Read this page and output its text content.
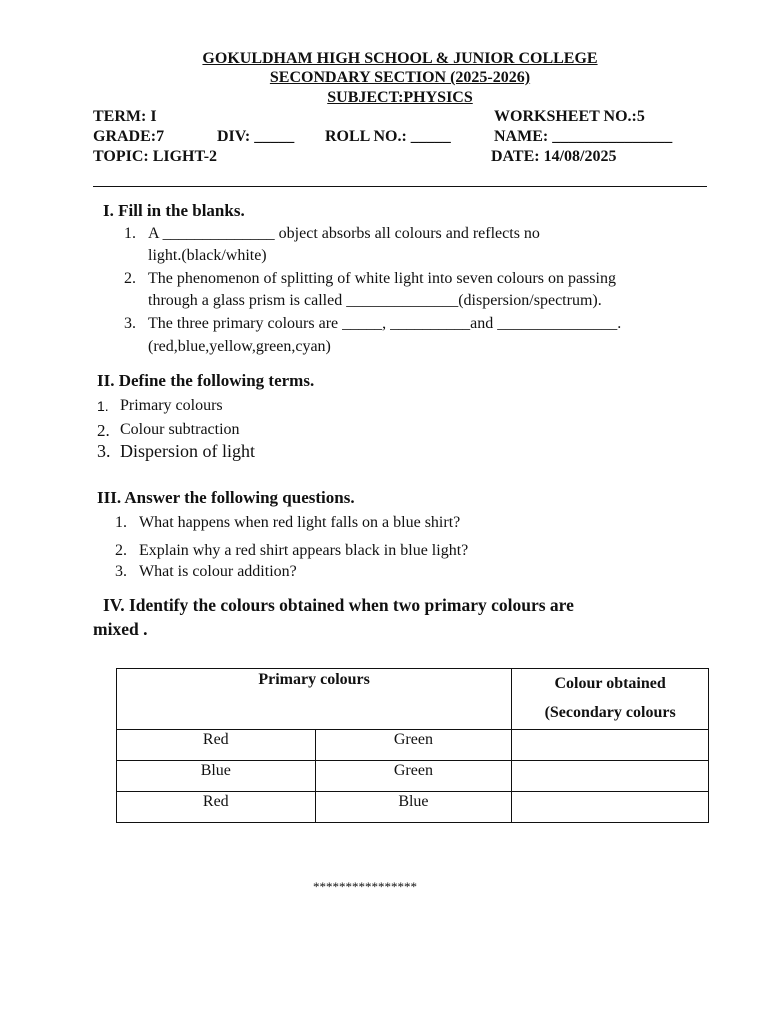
GOKULDHAM HIGH SCHOOL & JUNIOR COLLEGE
SECONDARY SECTION (2025-2026)
SUBJECT:PHYSICS
TERM: I	WORKSHEET NO.:5
GRADE:7	DIV: _____ ROLL NO.: _____	NAME: _______________
TOPIC: LIGHT-2	DATE: 14/08/2025
I. Fill in the blanks.
1. A ______________ object absorbs all colours and reflects no
light.(black/white)
2. The phenomenon of splitting of white light into seven colours on passing
through a glass prism is called ______________(dispersion/spectrum).
3. The three primary colours are _____, __________and _______________.
(red,blue,yellow,green,cyan)
II. Define the following terms.
1. Primary colours
2. Colour subtraction
3. Dispersion of light
III. Answer the following questions.
1. What happens when red light falls on a blue shirt?
2. Explain why a red shirt appears black in blue light?
3. What is colour addition?
IV. Identify the colours obtained when two primary colours are
mixed .
Primary colours		Colour obtained
(Secondary colours

Red	Green	
Blue	Green	
Red	Blue	
****************
